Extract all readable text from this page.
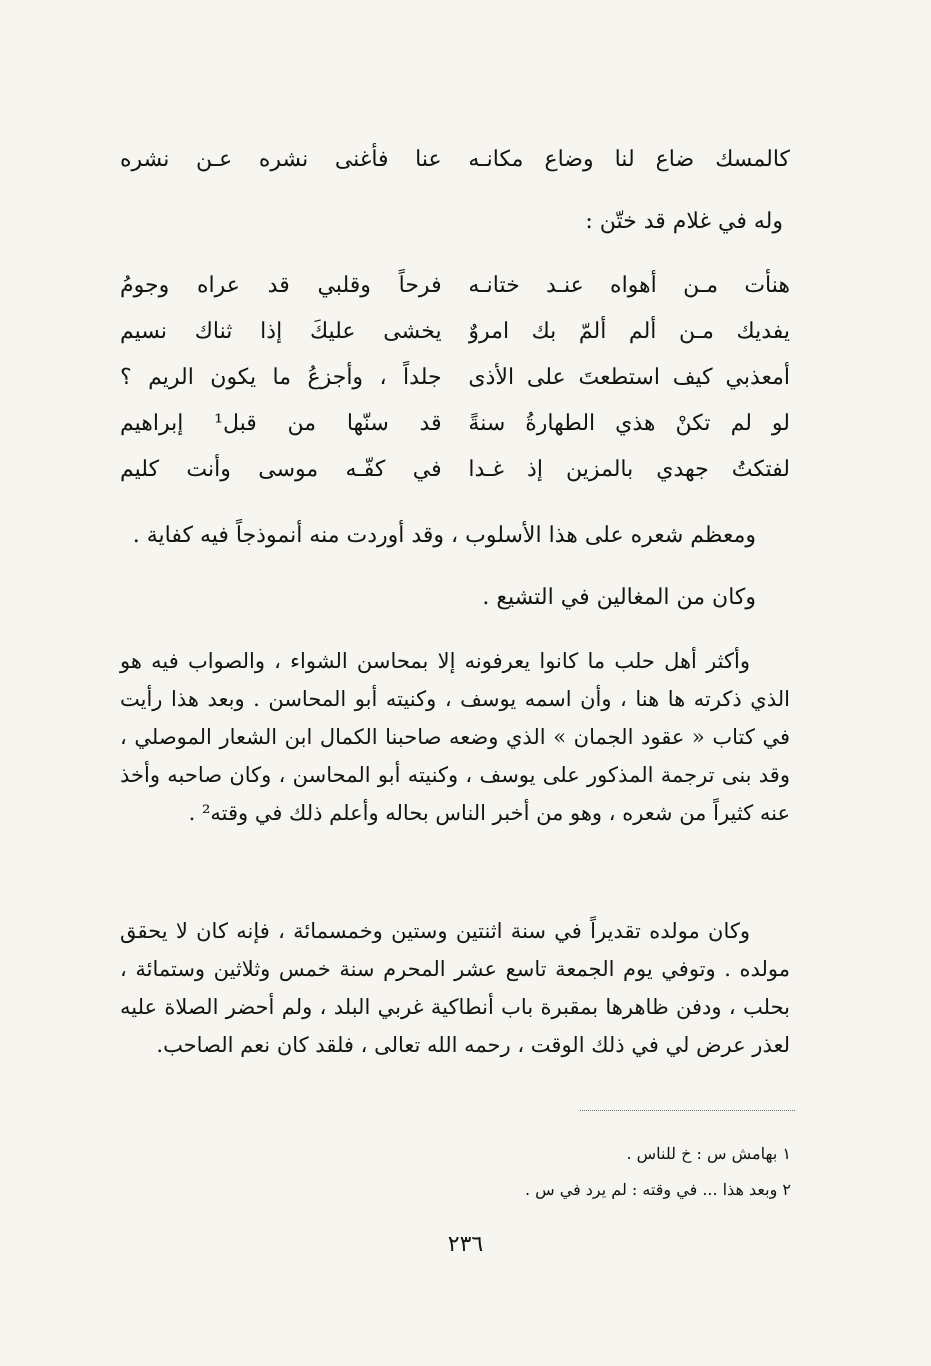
كالمسك ضاع لنا وضاع مكانـه
عنا فأغنى نشره عـن نشره
وله في غلام قد ختّن :
هنأت مـن أهواه عنـد ختانـه
فرحاً وقلبي قد عراه وجومُ
يفديك مـن ألم ألمّ بك امروٌ
يخشى عليكَ إذا ثناك نسيم
أمعذبي كيف استطعتَ على الأذى
جلداً ، وأجزعُ ما يكون الريم ؟
لو لم تكنْ هذي الطهارةُ سنةً
قد سنّها من قبل¹ إبراهيم
لفتكتُ جهدي بالمزين إذ غـدا
في كفّـه موسى وأنت كليم
ومعظم شعره على هذا الأسلوب ، وقد أوردت منه أنموذجاً فيه كفاية .
وكان من المغالين في التشيع .

وأكثر أهل حلب ما كانوا يعرفونه إلا بمحاسن الشواء ، والصواب فيه هو الذي ذكرته ها هنا ، وأن اسمه يوسف ، وكنيته أبو المحاسن . وبعد هذا رأيت في كتاب « عقود الجمان » الذي وضعه صاحبنا الكمال ابن الشعار الموصلي ، وقد بنى ترجمة المذكور على يوسف ، وكنيته أبو المحاسن ، وكان صاحبه وأخذ عنه كثيراً من شعره ، وهو من أخبر الناس بحاله وأعلم ذلك في وقته² .

وكان مولده تقديراً في سنة اثنتين وستين وخمسمائة ، فإنه كان لا يحقق مولده . وتوفي يوم الجمعة تاسع عشر المحرم سنة خمس وثلاثين وستمائة ، بحلب ، ودفن ظاهرها بمقبرة باب أنطاكية غربي البلد ، ولم أحضر الصلاة عليه لعذر عرض لي في ذلك الوقت ، رحمه الله تعالى ، فلقد كان نعم الصاحب.

١ بهامش س : خ للناس .
٢ وبعد هذا ... في وقته : لم يرد في س .
٢٣٦
